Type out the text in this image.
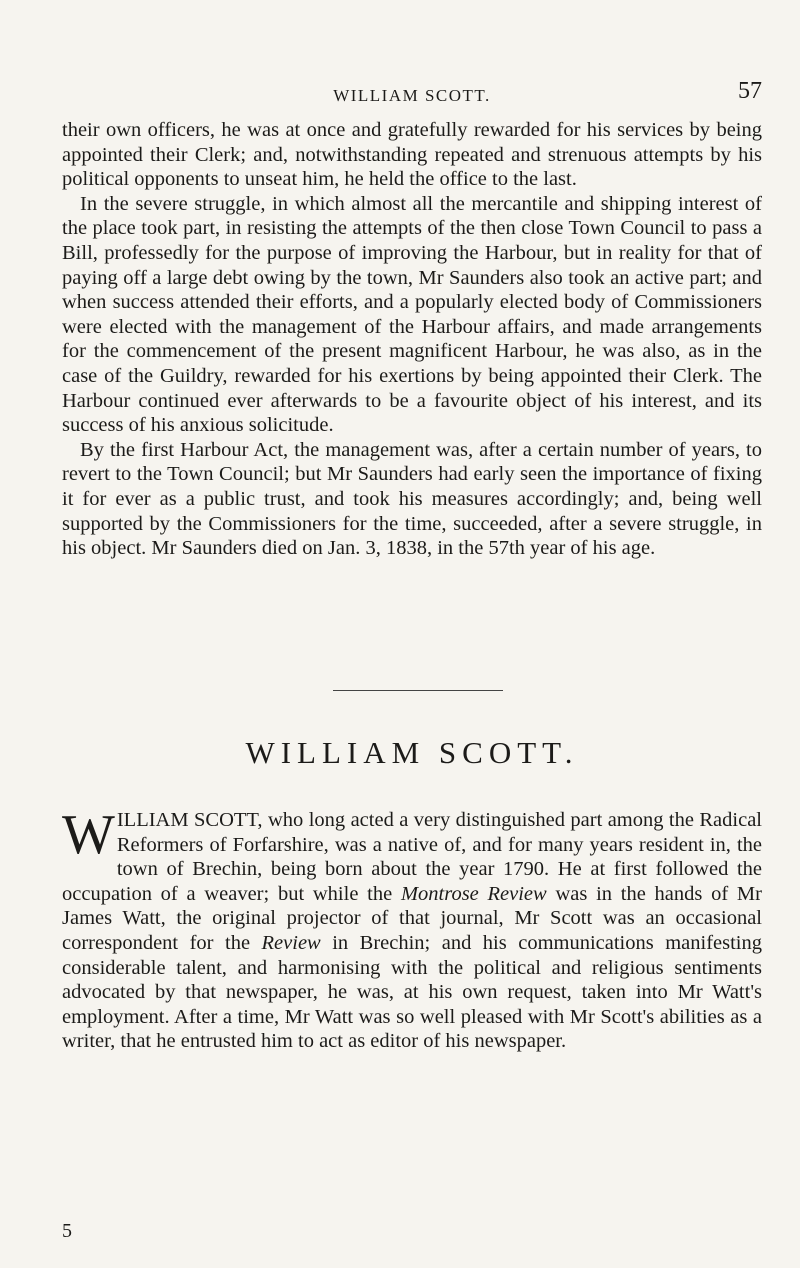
WILLIAM SCOTT.	57

their own officers, he was at once and gratefully rewarded for his services by being appointed their Clerk; and, notwithstanding repeated and strenuous attempts by his political opponents to unseat him, he held the office to the last.

In the severe struggle, in which almost all the mercantile and shipping interest of the place took part, in resisting the attempts of the then close Town Council to pass a Bill, professedly for the purpose of improving the Harbour, but in reality for that of paying off a large debt owing by the town, Mr Saunders also took an active part; and when success attended their efforts, and a popularly elected body of Commissioners were elected with the management of the Harbour affairs, and made arrangements for the commencement of the present magnificent Harbour, he was also, as in the case of the Guildry, rewarded for his exertions by being appointed their Clerk. The Harbour continued ever afterwards to be a favourite object of his interest, and its success of his anxious solicitude.

By the first Harbour Act, the management was, after a certain number of years, to revert to the Town Council; but Mr Saunders had early seen the importance of fixing it for ever as a public trust, and took his measures accordingly; and, being well supported by the Commissioners for the time, succeeded, after a severe struggle, in his object. Mr Saunders died on Jan. 3, 1838, in the 57th year of his age.

WILLIAM SCOTT.

WILLIAM SCOTT, who long acted a very distinguished part among the Radical Reformers of Forfarshire, was a native of, and for many years resident in, the town of Brechin, being born about the year 1790. He at first followed the occupation of a weaver; but while the Montrose Review was in the hands of Mr James Watt, the original projector of that journal, Mr Scott was an occasional correspondent for the Review in Brechin; and his communications manifesting considerable talent, and harmonising with the political and religious sentiments advocated by that newspaper, he was, at his own request, taken into Mr Watt's employment. After a time, Mr Watt was so well pleased with Mr Scott's abilities as a writer, that he entrusted him to act as editor of his newspaper.

5
